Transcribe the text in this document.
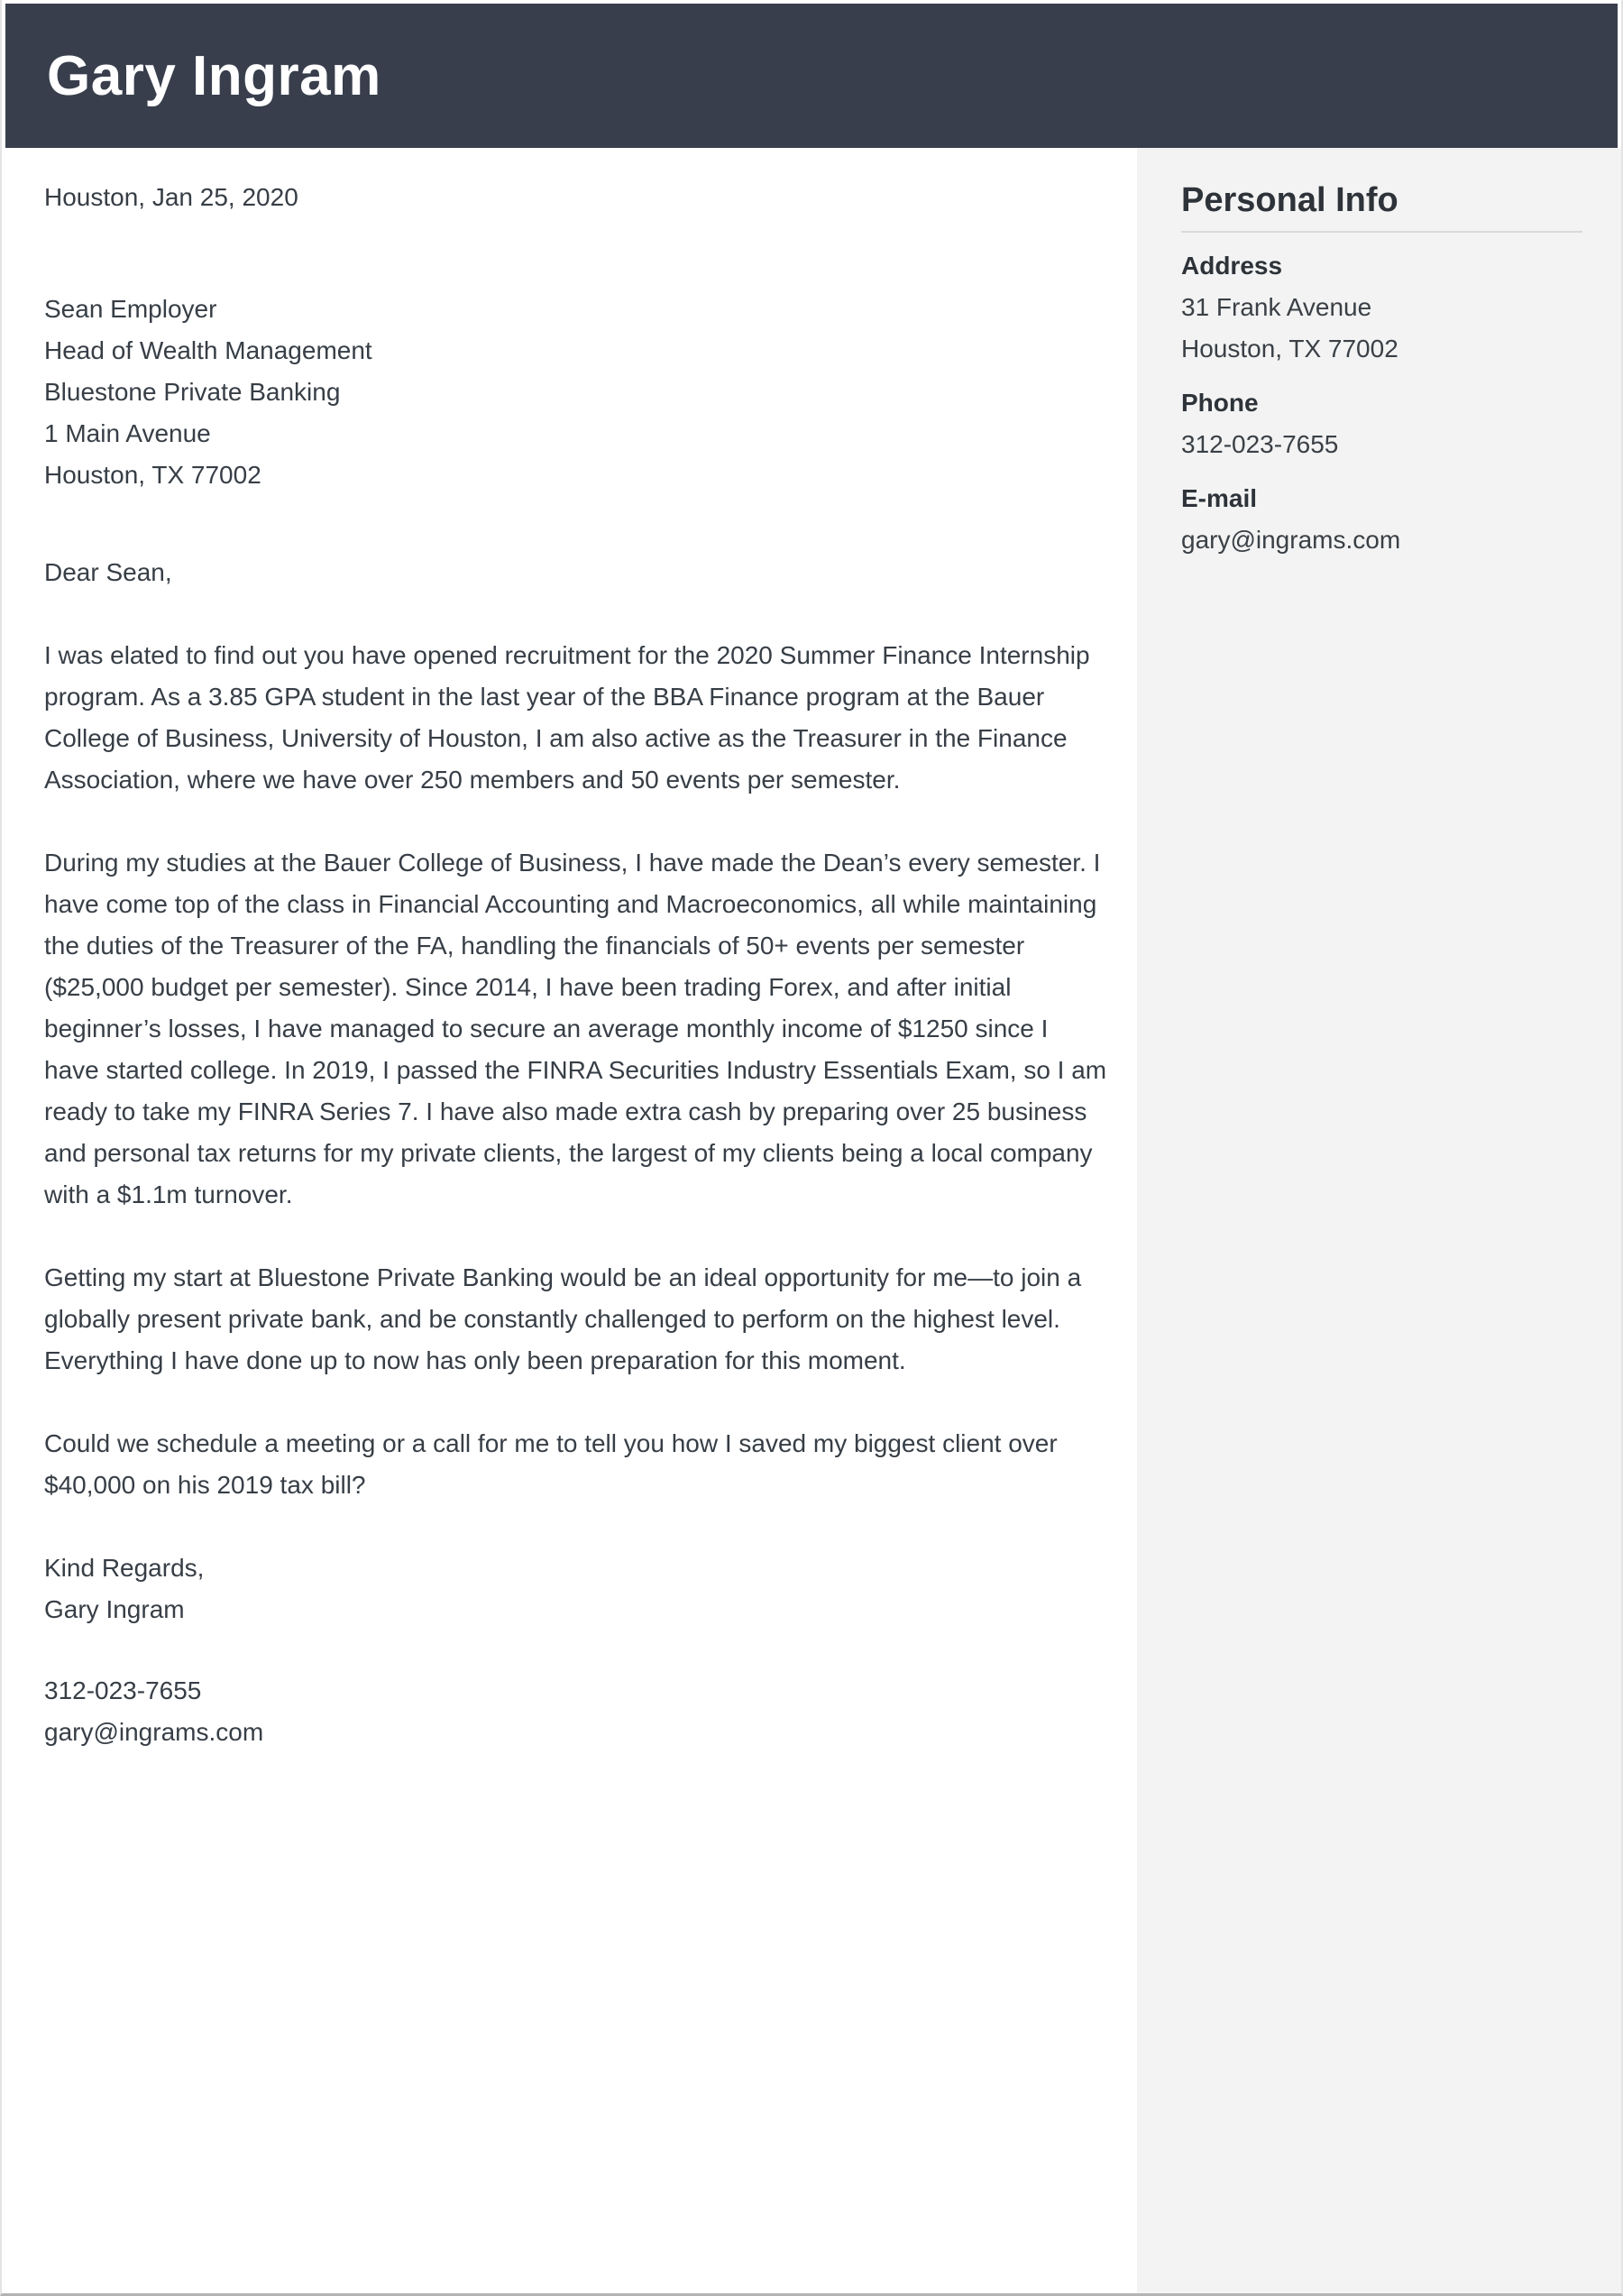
Gary Ingram
Personal Info
Address

31 Frank Avenue

Houston, TX 77002

Phone

312-023-7655

E-mail

gary@ingrams.com

Houston, Jan 25, 2020

Sean Employer

Head of Wealth Management

Bluestone Private Banking

1 Main Avenue

Houston, TX 77002

Dear Sean,

I was elated to find out you have opened recruitment for the 2020 Summer Finance Internship program. As a 3.85 GPA student in the last year of the BBA Finance program at the Bauer College of Business, University of Houston, I am also active as the Treasurer in the Finance Association, where we have over 250 members and 50 events per semester.

During my studies at the Bauer College of Business, I have made the Dean’s every semester. I have come top of the class in Financial Accounting and Macroeconomics, all while maintaining the duties of the Treasurer of the FA, handling the financials of 50+ events per semester ($25,000 budget per semester). Since 2014, I have been trading Forex, and after initial beginner’s losses, I have managed to secure an average monthly income of $1250 since I have started college. In 2019, I passed the FINRA Securities Industry Essentials Exam, so I am ready to take my FINRA Series 7. I have also made extra cash by preparing over 25 business and personal tax returns for my private clients, the largest of my clients being a local company with a $1.1m turnover.

Getting my start at Bluestone Private Banking would be an ideal opportunity for me—to join a globally present private bank, and be constantly challenged to perform on the highest level. Everything I have done up to now has only been preparation for this moment.

Could we schedule a meeting or a call for me to tell you how I saved my biggest client over $40,000 on his 2019 tax bill?

Kind Regards,

Gary Ingram

312-023-7655

gary@ingrams.com
